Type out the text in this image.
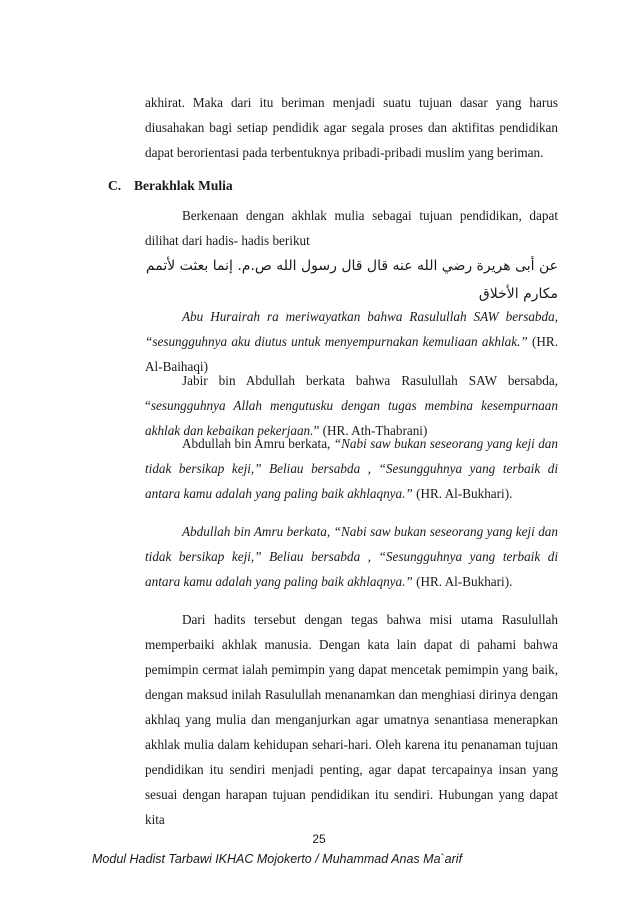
akhirat. Maka dari itu beriman menjadi suatu tujuan dasar yang harus diusahakan bagi setiap pendidik agar segala proses dan aktifitas pendidikan dapat berorientasi pada terbentuknya pribadi-pribadi muslim yang beriman.

C. Berakhlak Mulia

Berkenaan dengan akhlak mulia sebagai tujuan pendidikan, dapat dilihat dari hadis- hadis berikut

عن أبى هريرة رضي الله عنه قال قال رسول الله ص.م. إنما بعثت لأتمم مكارم الأخلاق

Abu Hurairah ra meriwayatkan bahwa Rasulullah SAW bersabda, “sesungguhnya aku diutus untuk menyempurnakan kemuliaan akhlak.” (HR. Al-Baihaqi)

Jabir bin Abdullah berkata bahwa Rasulullah SAW bersabda, “sesungguhnya Allah mengutusku dengan tugas membina kesempurnaan akhlak dan kebaikan pekerjaan.” (HR. Ath-Thabrani)

Abdullah bin Amru berkata, “Nabi saw bukan seseorang yang keji dan tidak bersikap keji,” Beliau bersabda , “Sesungguhnya yang terbaik di antara kamu adalah yang paling baik akhlaqnya.” (HR. Al-Bukhari).

Abdullah bin Amru berkata, “Nabi saw bukan seseorang yang keji dan tidak bersikap keji,” Beliau bersabda , “Sesungguhnya yang terbaik di antara kamu adalah yang paling baik akhlaqnya.” (HR. Al-Bukhari).

Dari hadits tersebut dengan tegas bahwa misi utama Rasulullah memperbaiki akhlak manusia. Dengan kata lain dapat di pahami bahwa pemimpin cermat ialah pemimpin yang dapat mencetak pemimpin yang baik, dengan maksud inilah Rasulullah menanamkan dan menghiasi dirinya dengan akhlaq yang mulia dan menganjurkan agar umatnya senantiasa menerapkan akhlak mulia dalam kehidupan sehari-hari. Oleh karena itu penanaman tujuan pendidikan itu sendiri menjadi penting, agar dapat tercapainya insan yang sesuai dengan harapan tujuan pendidikan itu sendiri. Hubungan yang dapat kita

25
Modul Hadist Tarbawi IKHAC Mojokerto / Muhammad Anas Ma`arif
